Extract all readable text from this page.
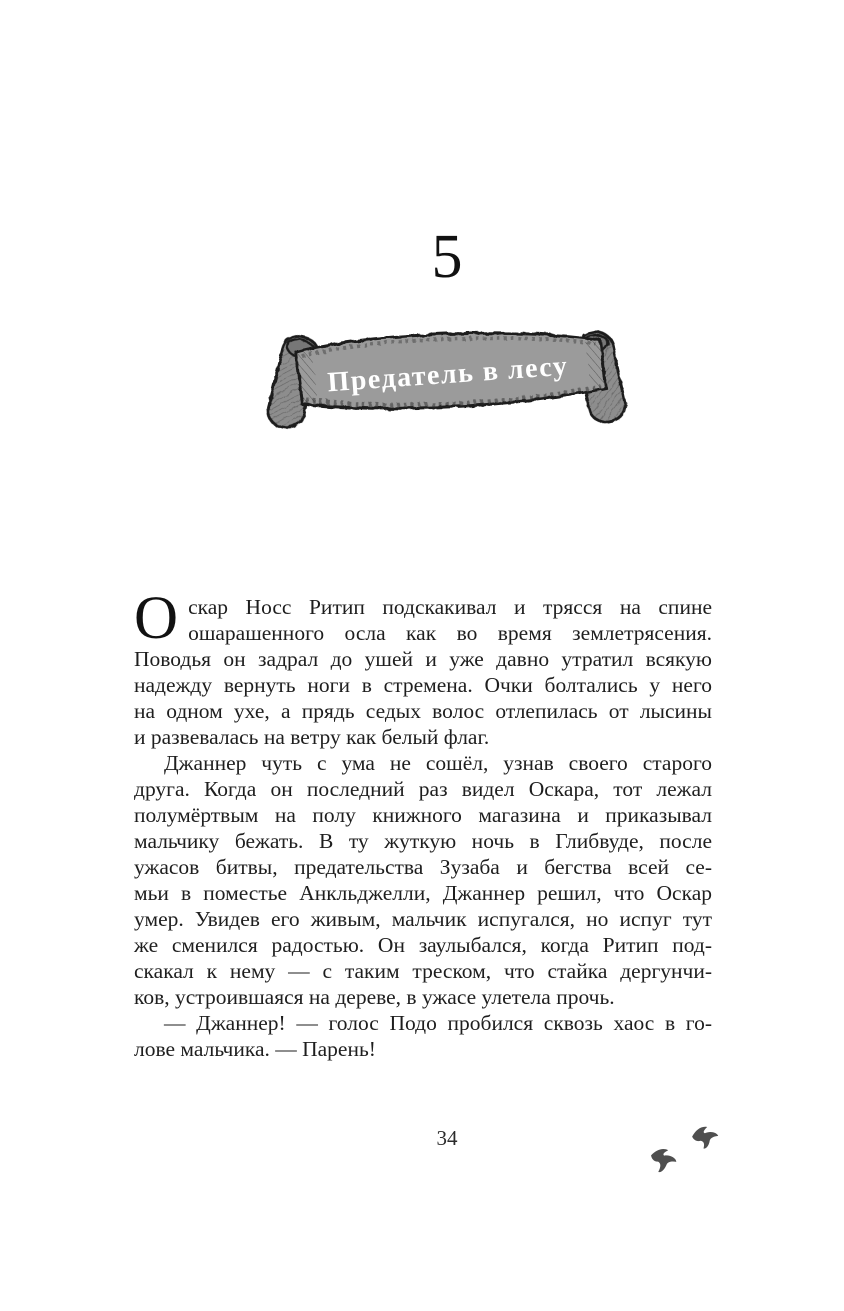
5
Предатель в лесу
О скар Носс Ритип подскакивал и трясся на спине
ошарашенного осла как во время землетрясения.
Поводья он задрал до ушей и уже давно утратил всякую
надежду вернуть ноги в стремена. Очки болтались у него
на одном ухе, а прядь седых волос отлепилась от лысины
и развевалась на ветру как белый флаг.
Джаннер чуть с ума не сошёл, узнав своего старого
друга. Когда он последний раз видел Оскара, тот лежал
полумёртвым на полу книжного магазина и приказывал
мальчику бежать. В ту жуткую ночь в Глибвуде, после
ужасов битвы, предательства Зузаба и бегства всей се-
мьи в поместье Анкльджелли, Джаннер решил, что Оскар
умер. Увидев его живым, мальчик испугался, но испуг тут
же сменился радостью. Он заулыбался, когда Ритип под-
скакал к нему — с таким треском, что стайка дергунчи-
ков, устроившаяся на дереве, в ужасе улетела прочь.
— Джаннер! — голос Подо пробился сквозь хаос в го-
лове мальчика. — Парень!
34
